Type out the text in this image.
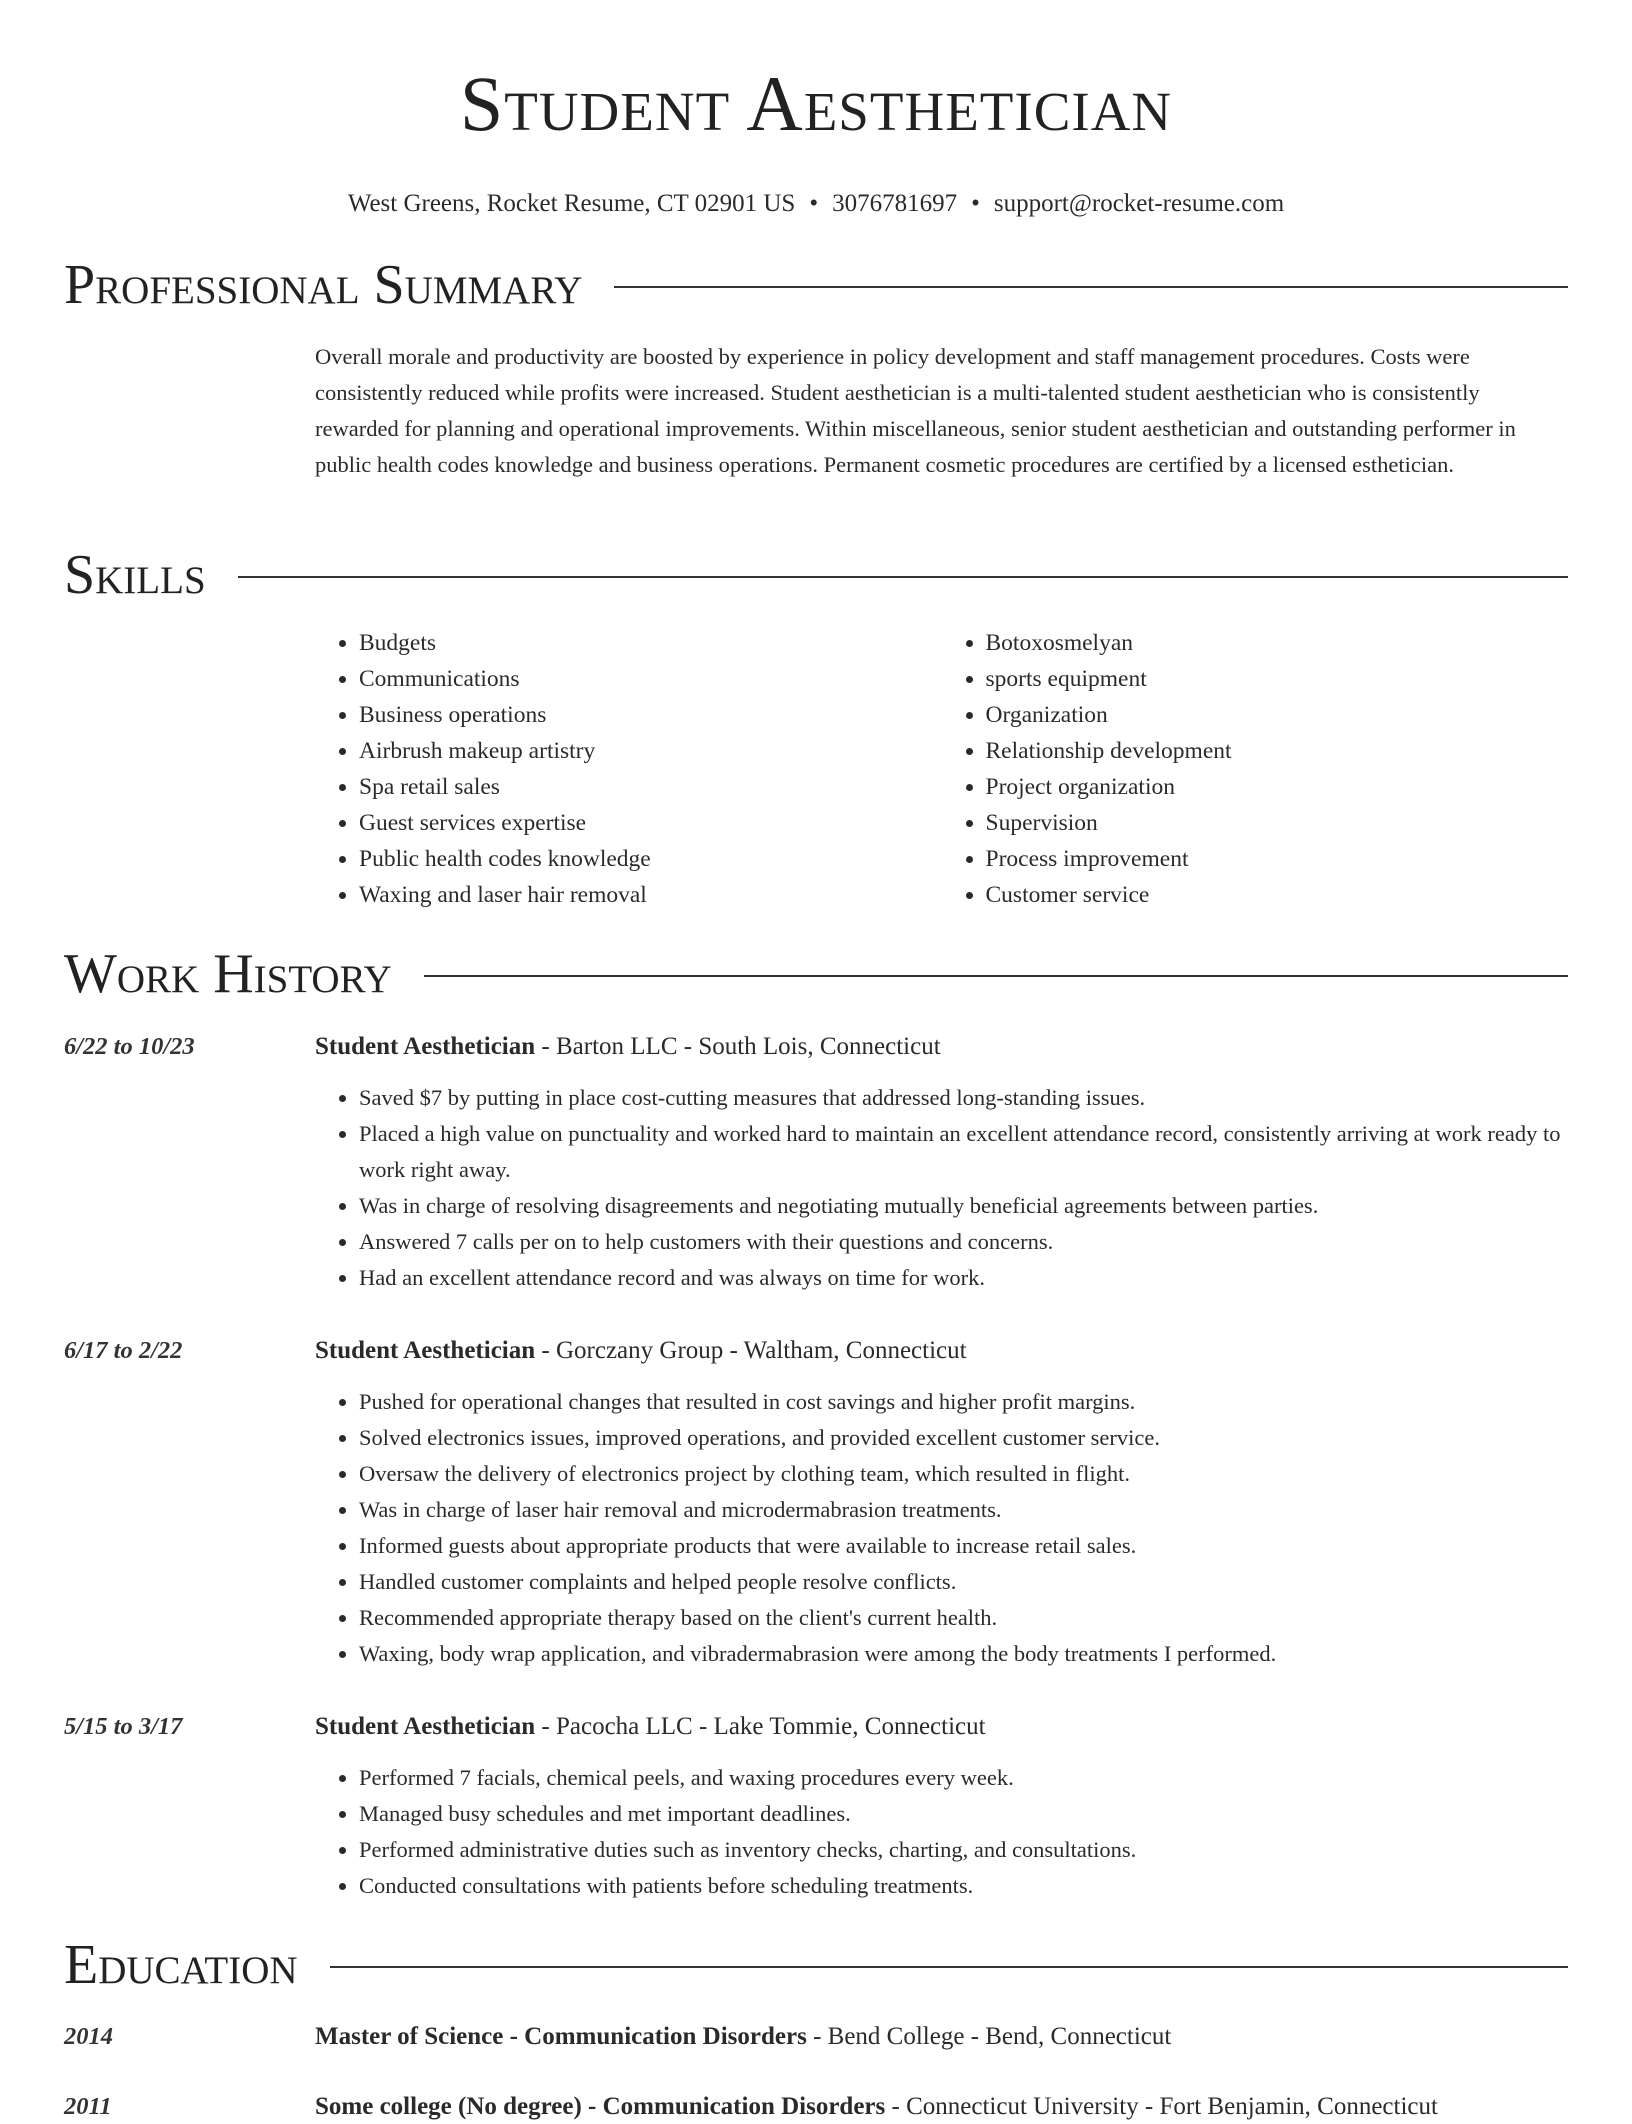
Student Aesthetician
West Greens, Rocket Resume, CT 02901 US • 3076781697 • support@rocket-resume.com
Professional Summary
Overall morale and productivity are boosted by experience in policy development and staff management procedures. Costs were consistently reduced while profits were increased. Student aesthetician is a multi-talented student aesthetician who is consistently rewarded for planning and operational improvements. Within miscellaneous, senior student aesthetician and outstanding performer in public health codes knowledge and business operations. Permanent cosmetic procedures are certified by a licensed esthetician.
Skills
• Budgets
• Communications
• Business operations
• Airbrush makeup artistry
• Spa retail sales
• Guest services expertise
• Public health codes knowledge
• Waxing and laser hair removal
• Botoxosmelyan
• sports equipment
• Organization
• Relationship development
• Project organization
• Supervision
• Process improvement
• Customer service
Work History
6/22 to 10/23	Student Aesthetician - Barton LLC - South Lois, Connecticut
• Saved $7 by putting in place cost-cutting measures that addressed long-standing issues.
• Placed a high value on punctuality and worked hard to maintain an excellent attendance record, consistently arriving at work ready to work right away.
• Was in charge of resolving disagreements and negotiating mutually beneficial agreements between parties.
• Answered 7 calls per on to help customers with their questions and concerns.
• Had an excellent attendance record and was always on time for work.
6/17 to 2/22	Student Aesthetician - Gorczany Group - Waltham, Connecticut
• Pushed for operational changes that resulted in cost savings and higher profit margins.
• Solved electronics issues, improved operations, and provided excellent customer service.
• Oversaw the delivery of electronics project by clothing team, which resulted in flight.
• Was in charge of laser hair removal and microdermabrasion treatments.
• Informed guests about appropriate products that were available to increase retail sales.
• Handled customer complaints and helped people resolve conflicts.
• Recommended appropriate therapy based on the client's current health.
• Waxing, body wrap application, and vibradermabrasion were among the body treatments I performed.
5/15 to 3/17	Student Aesthetician - Pacocha LLC - Lake Tommie, Connecticut
• Performed 7 facials, chemical peels, and waxing procedures every week.
• Managed busy schedules and met important deadlines.
• Performed administrative duties such as inventory checks, charting, and consultations.
• Conducted consultations with patients before scheduling treatments.
Education
2014	Master of Science - Communication Disorders - Bend College - Bend, Connecticut
2011	Some college (No degree) - Communication Disorders - Connecticut University - Fort Benjamin, Connecticut
